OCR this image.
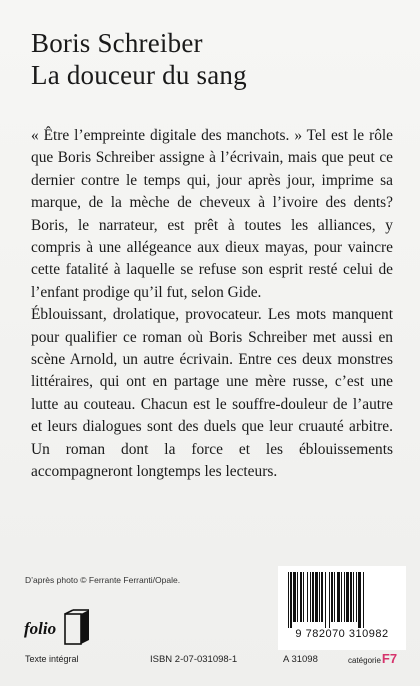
Boris Schreiber
La douceur du sang

« Être l’empreinte digitale des manchots. » Tel est le rôle que Boris Schreiber assigne à l’écrivain, mais que peut ce dernier contre le temps qui, jour après jour, imprime sa marque, de la mèche de cheveux à l’ivoire des dents? Boris, le narrateur, est prêt à toutes les alliances, y compris à une allégeance aux dieux mayas, pour vaincre cette fatalité à laquelle se refuse son esprit resté celui de l’enfant prodige qu’il fut, selon Gide.

Éblouissant, drolatique, provocateur. Les mots manquent pour qualifier ce roman où Boris Schreiber met aussi en scène Arnold, un autre écrivain. Entre ces deux monstres littéraires, qui ont en partage une mère russe, c’est une lutte au couteau. Chacun est le souffre-douleur de l’autre et leurs dialogues sont des duels que leur cruauté arbitre. Un roman dont la force et les éblouissements accompagneront longtemps les lecteurs.

D’après photo © Ferrante Ferranti/Opale.
folio
Texte intégral	ISBN 2-07-031098-1
9 782070 310982
A 31098	catégorieF7
